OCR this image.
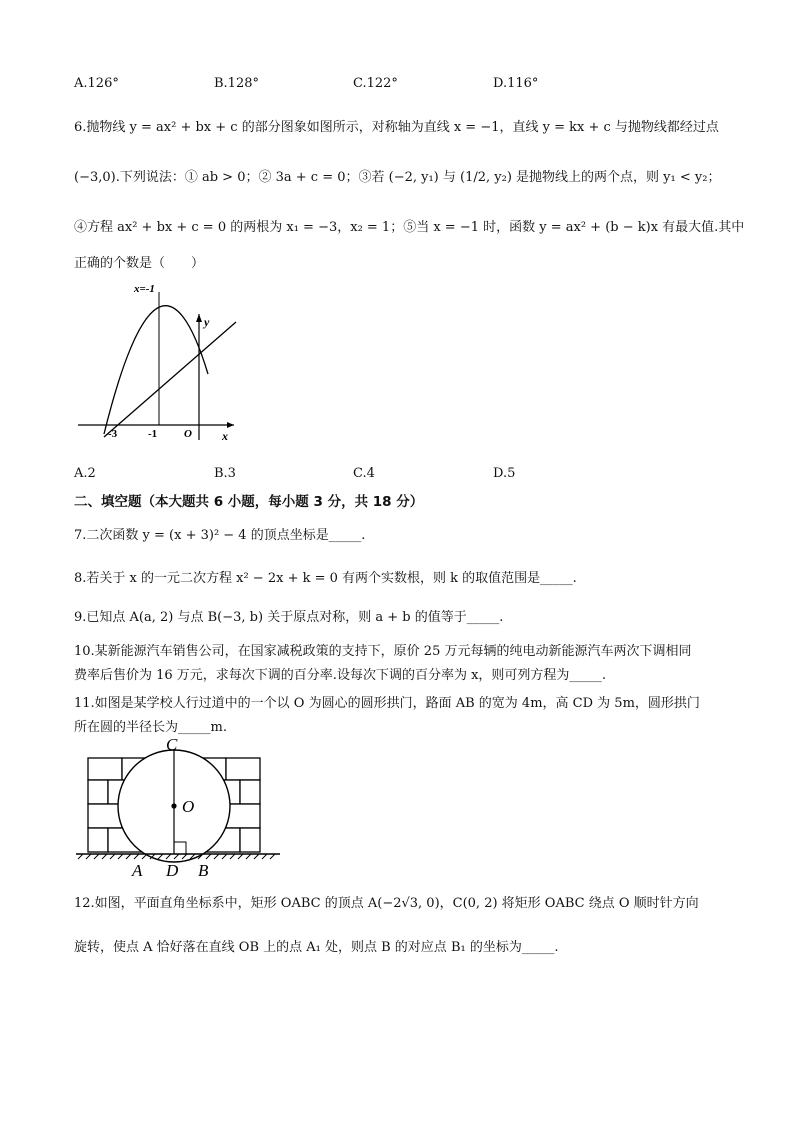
A.126°	B.128°	C.122°	D.116°
6.抛物线 y = ax² + bx + c 的部分图象如图所示，对称轴为直线 x = −1，直线 y = kx + c 与抛物线都经过点
(−3,0).下列说法：① ab > 0；② 3a + c = 0；③若 (−2, y₁) 与 (1/2, y₂) 是抛物线上的两个点，则 y₁ < y₂；
④方程 ax² + bx + c = 0 的两根为 x₁ = −3，x₂ = 1；⑤当 x = −1 时，函数 y = ax² + (b − k)x 有最大值.其中
正确的个数是（　　）
x=-1
y
x
-3	-1 O
A.2	B.3	C.4	D.5
二、填空题（本大题共 6 小题，每小题 3 分，共 18 分）
7.二次函数 y = (x + 3)² − 4 的顶点坐标是_____.
8.若关于 x 的一元二次方程 x² − 2x + k = 0 有两个实数根，则 k 的取值范围是_____.
9.已知点 A(a, 2) 与点 B(−3, b) 关于原点对称，则 a + b 的值等于_____.
10.某新能源汽车销售公司，在国家减税政策的支持下，原价 25 万元每辆的纯电动新能源汽车两次下调相同
费率后售价为 16 万元，求每次下调的百分率.设每次下调的百分率为 x，则可列方程为_____.
11.如图是某学校人行过道中的一个以 O 为圆心的圆形拱门，路面 AB 的宽为 4m，高 CD 为 5m，圆形拱门
所在圆的半径长为_____m.
C
O
A D B
12.如图，平面直角坐标系中，矩形 OABC 的顶点 A(−2√3, 0)，C(0, 2) 将矩形 OABC 绕点 O 顺时针方向
旋转，使点 A 恰好落在直线 OB 上的点 A₁ 处，则点 B 的对应点 B₁ 的坐标为_____.
